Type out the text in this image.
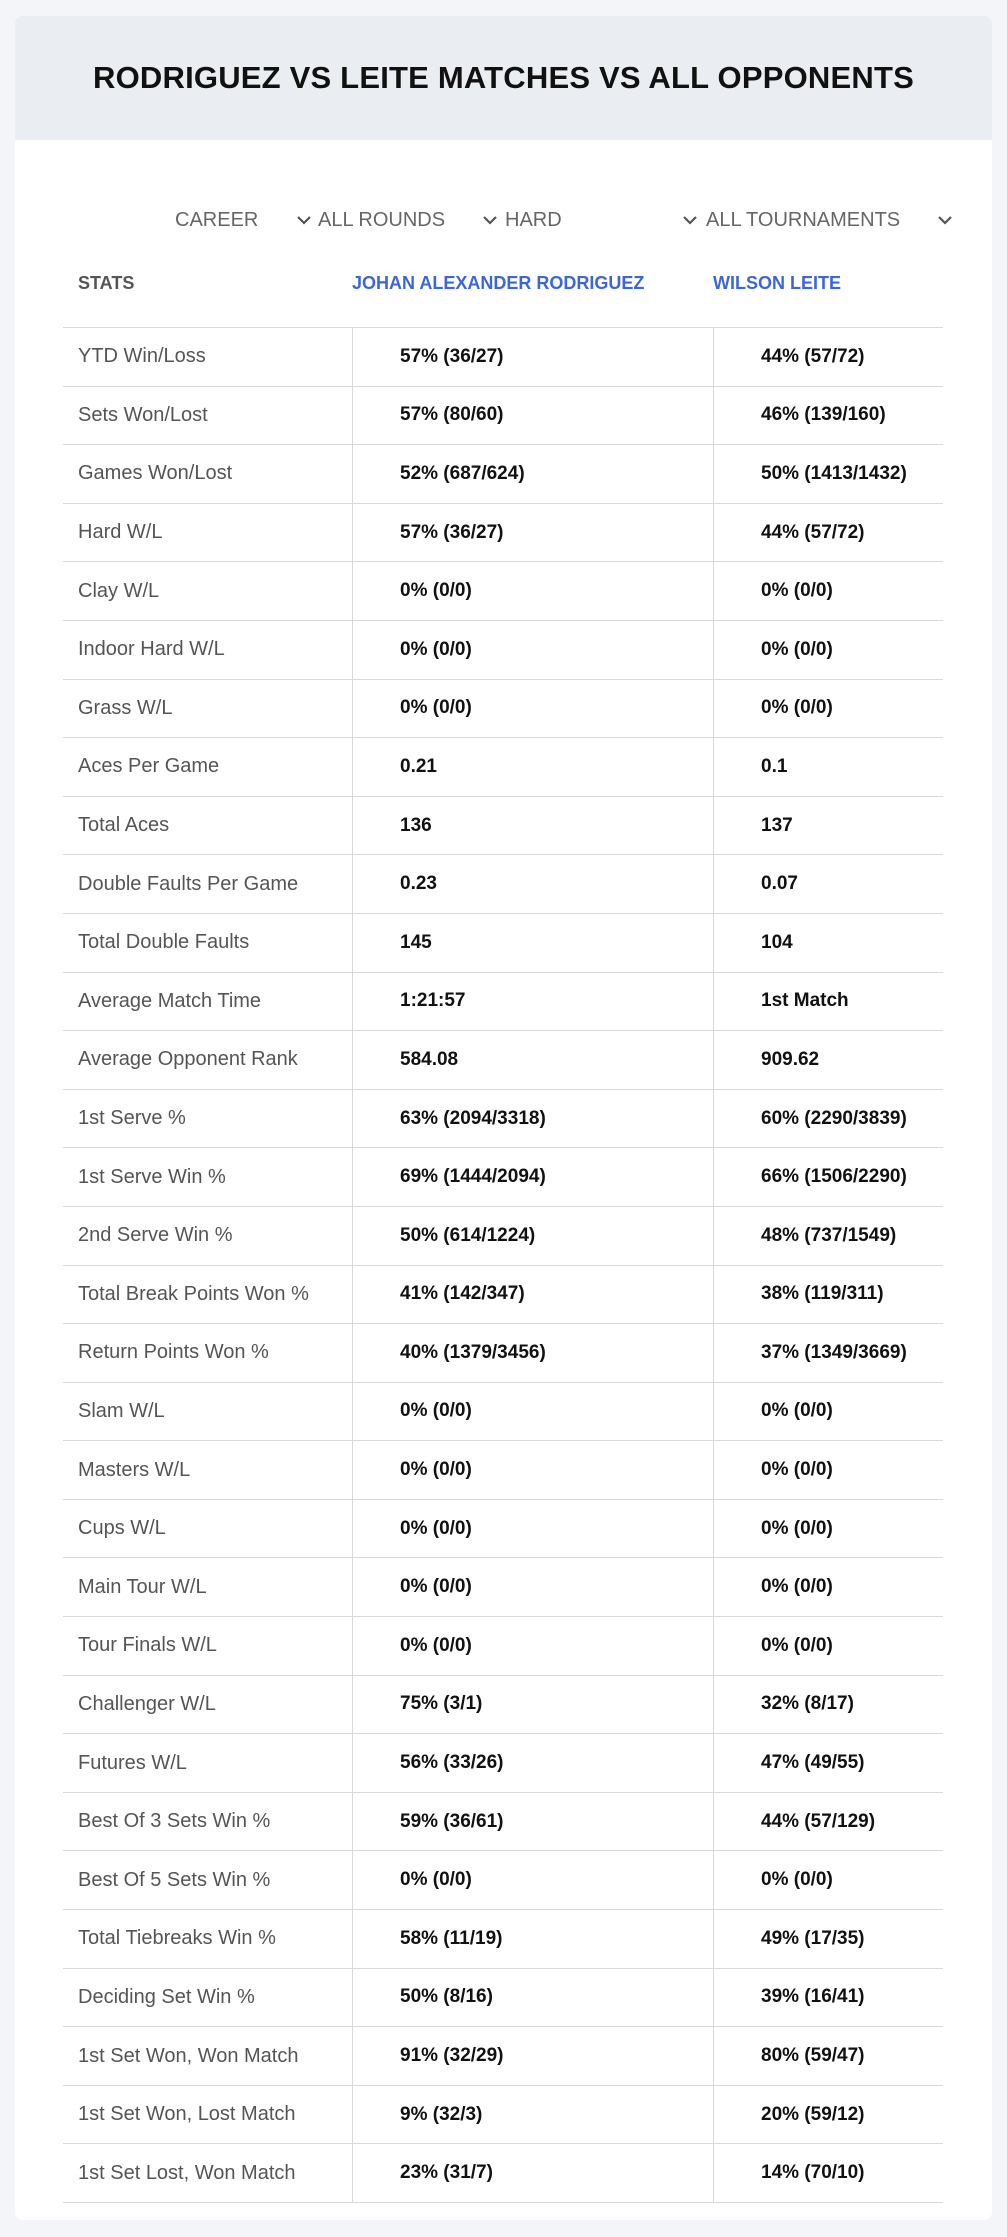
RODRIGUEZ VS LEITE MATCHES VS ALL OPPONENTS
CAREER	ALL ROUNDS	HARD	ALL TOURNAMENTS
STATS	JOHAN ALEXANDER RODRIGUEZ	WILSON LEITE
YTD Win/Loss	57% (36/27)	44% (57/72)
Sets Won/Lost	57% (80/60)	46% (139/160)
Games Won/Lost	52% (687/624)	50% (1413/1432)
Hard W/L	57% (36/27)	44% (57/72)
Clay W/L	0% (0/0)	0% (0/0)
Indoor Hard W/L	0% (0/0)	0% (0/0)
Grass W/L	0% (0/0)	0% (0/0)
Aces Per Game	0.21	0.1
Total Aces	136	137
Double Faults Per Game	0.23	0.07
Total Double Faults	145	104
Average Match Time	1:21:57	1st Match
Average Opponent Rank	584.08	909.62
1st Serve %	63% (2094/3318)	60% (2290/3839)
1st Serve Win %	69% (1444/2094)	66% (1506/2290)
2nd Serve Win %	50% (614/1224)	48% (737/1549)
Total Break Points Won %	41% (142/347)	38% (119/311)
Return Points Won %	40% (1379/3456)	37% (1349/3669)
Slam W/L	0% (0/0)	0% (0/0)
Masters W/L	0% (0/0)	0% (0/0)
Cups W/L	0% (0/0)	0% (0/0)
Main Tour W/L	0% (0/0)	0% (0/0)
Tour Finals W/L	0% (0/0)	0% (0/0)
Challenger W/L	75% (3/1)	32% (8/17)
Futures W/L	56% (33/26)	47% (49/55)
Best Of 3 Sets Win %	59% (36/61)	44% (57/129)
Best Of 5 Sets Win %	0% (0/0)	0% (0/0)
Total Tiebreaks Win %	58% (11/19)	49% (17/35)
Deciding Set Win %	50% (8/16)	39% (16/41)
1st Set Won, Won Match	91% (32/29)	80% (59/47)
1st Set Won, Lost Match	9% (32/3)	20% (59/12)
1st Set Lost, Won Match	23% (31/7)	14% (70/10)
